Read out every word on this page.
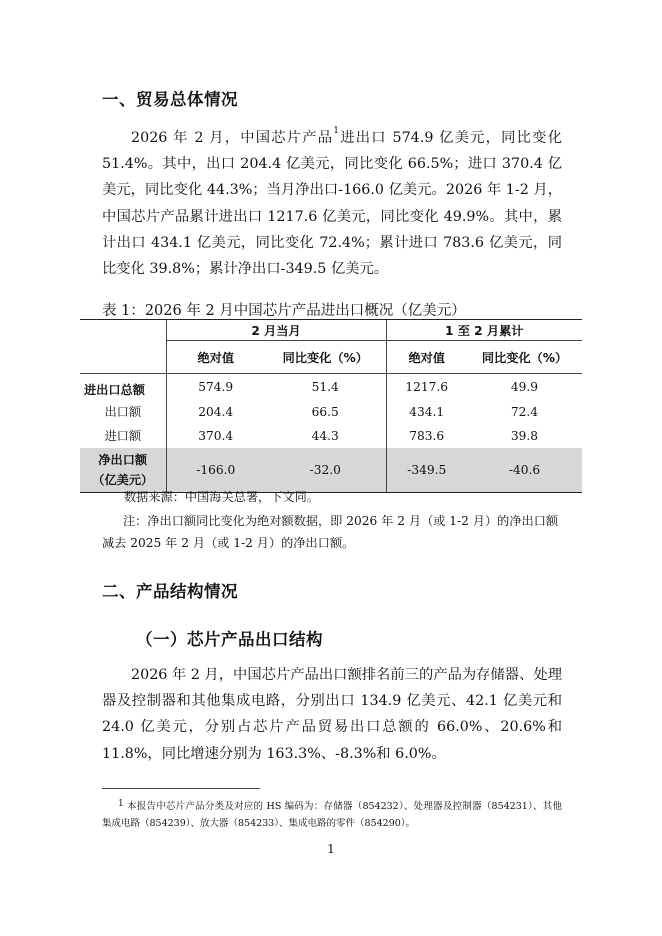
一、贸易总体情况
2026 年 2 月，中国芯片产品$^1$进出口 574.9 亿美元，同比变化 51.4%。其中，出口 204.4 亿美元，同比变化 66.5%；进口 370.4 亿美元，同比变化 44.3%；当月净出口-166.0 亿美元。2026 年 1-2 月，中国芯片产品累计进出口 1217.6 亿美元，同比变化 49.9%。其中，累计出口 434.1 亿美元，同比变化 72.4%；累计进口 783.6 亿美元，同比变化 39.8%；累计净出口-349.5 亿美元。
表 1：2026 年 2 月中国芯片产品进出口概况（亿美元）
	2 月当月		1 至 2 月累计	
	绝对值	同比变化（%）	绝对值	同比变化（%）
进出口总额	574.9	51.4	1217.6	49.9
出口额	204.4	66.5	434.1	72.4
进口额	370.4	44.3	783.6	39.8

净出口额
（亿美元）	-166.0	-32.0	-349.5	-40.6
数据来源：中国海关总署，下文同。
注：净出口额同比变化为绝对额数据，即 2026 年 2 月（或 1-2 月）的净出口额减去 2025 年 2 月（或 1-2 月）的净出口额。
二、产品结构情况
（一）芯片产品出口结构
2026 年 2 月，中国芯片产品出口额排名前三的产品为存储器、处理器及控制器和其他集成电路，分别出口 134.9 亿美元、42.1 亿美元和 24.0 亿美元，分别占芯片产品贸易出口总额的 66.0%、20.6%和 11.8%，同比增速分别为 163.3%、-8.3%和 6.0%。
$^1$ 本报告中芯片产品分类及对应的 HS 编码为：存储器（854232）、处理器及控制器（854231）、其他集成电路（854239）、放大器（854233）、集成电路的零件（854290）。
1
